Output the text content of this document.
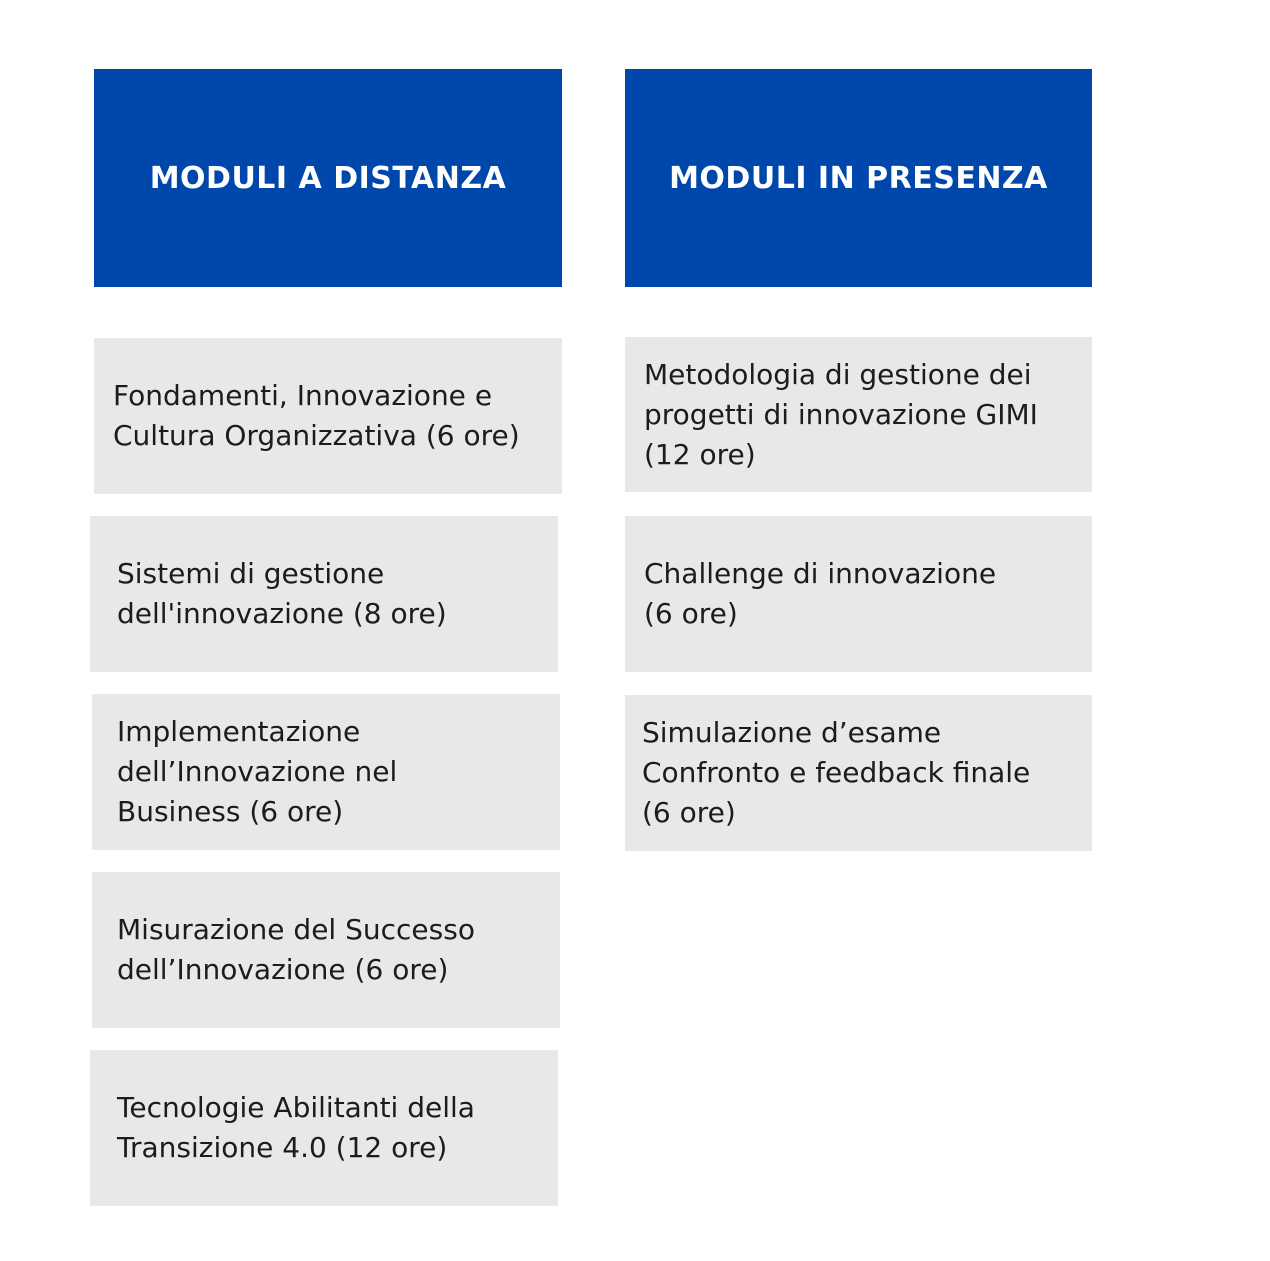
MODULI A DISTANZA
Fondamenti, Innovazione e
Cultura Organizzativa (6 ore)
Sistemi di gestione
dell'innovazione (8 ore)
Implementazione
dell’Innovazione nel
Business (6 ore)
Misurazione del Successo
dell’Innovazione (6 ore)
Tecnologie Abilitanti della
Transizione 4.0 (12 ore)
MODULI IN PRESENZA
Metodologia di gestione dei
progetti di innovazione GIMI
(12 ore)
Challenge di innovazione
(6 ore)
Simulazione d’esame
Confronto e feedback finale
(6 ore)
